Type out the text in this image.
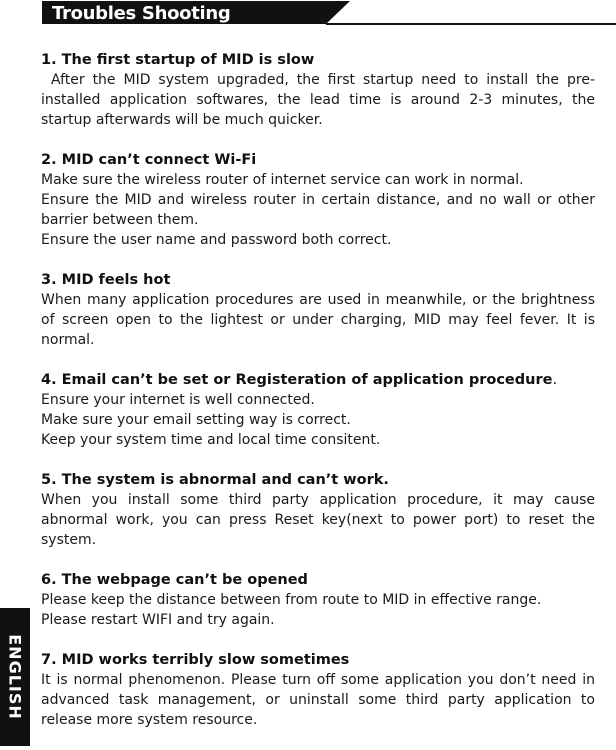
Troubles Shooting
ENGLISH

1. The first startup of MID is slow

After the MID system upgraded, the first startup need to install the pre-installed application softwares, the lead time is around 2-3 minutes, the startup afterwards will be much quicker.

2. MID can’t connect Wi-Fi

Make sure the wireless router of internet service can work in normal.

Ensure the MID and wireless router in certain distance, and no wall or other barrier between them.

Ensure the user name and password both correct.

3. MID feels hot

When many application procedures are used in meanwhile, or the brightness of screen open to the lightest or under charging, MID may feel fever. It is normal.

4. Email can’t be set or Registeration of application procedure.

Ensure your internet is well connected.

Make sure your email setting way is correct.

Keep your system time and local time consitent.

5. The system is abnormal and can’t work.

When you install some third party application procedure, it may cause abnormal work, you can press Reset key(next to power port) to reset the system.

6. The webpage can’t be opened

Please keep the distance between from route to MID in effective range.

Please restart WIFI and try again.

7. MID works terribly slow sometimes

It is normal phenomenon. Please turn off some application you don’t need in advanced task management, or uninstall some third party application to release more system resource.
